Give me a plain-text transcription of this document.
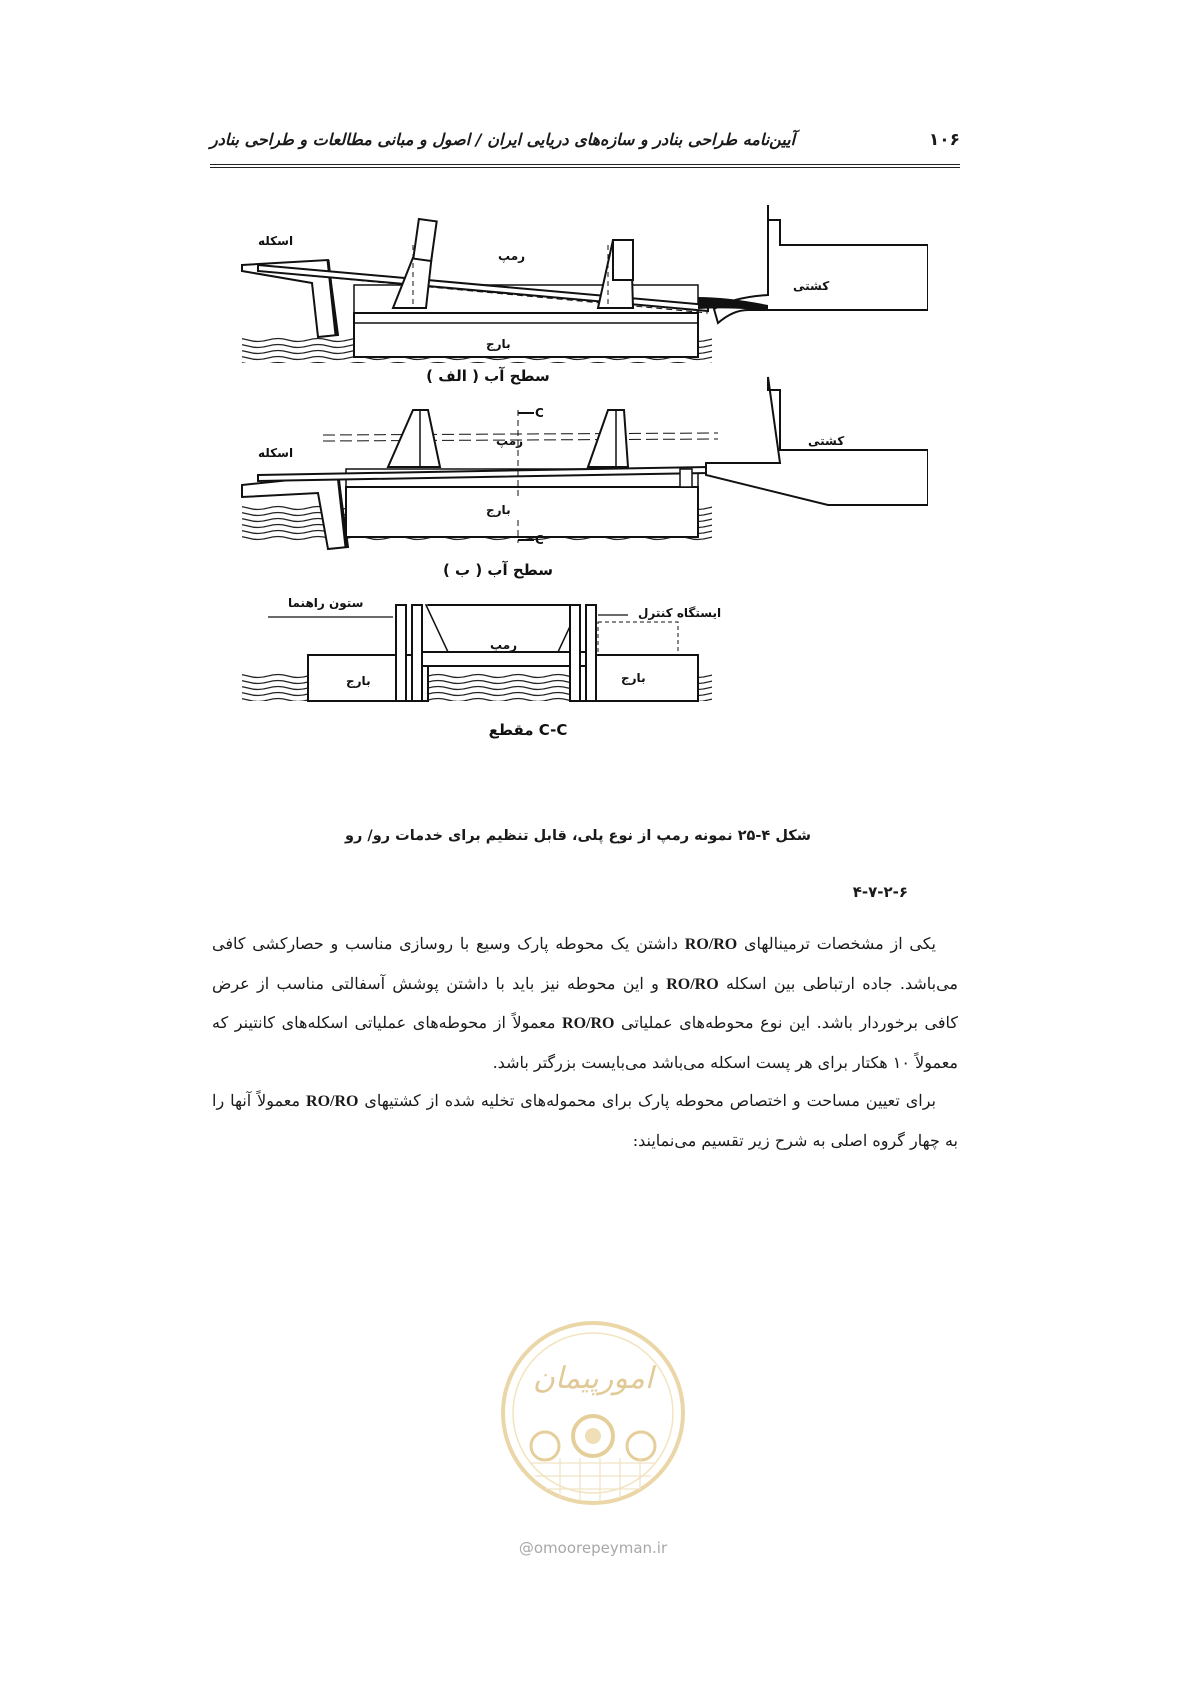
۱۰۶
آیین‌نامه طراحی بنادر و سازه‌های دریایی ایران / اصول و مبانی مطالعات و طراحی بنادر
اسکله
رمپ
کشتی
بارج
سطح آب ( الف )
C
C
اسکله
رمپ	کشتی
بارج
سطح آب ( ب )
ستون راهنما
ایستگاه کنترل
رمپ
بارج	بارج
مقطع C-C
شکل ۴-۲۵ نمونه رمپ از نوع پلی، قابل تنظیم برای خدمات رو/ رو
۴-۷-۲-۶

یکی از مشخصات ترمینالهای RO/RO داشتن یک محوطه پارک وسیع با روسازی مناسب و حصارکشی کافی می‌باشد. جاده ارتباطی بین اسکله RO/RO و این محوطه نیز باید با داشتن پوشش آسفالتی مناسب از عرض کافی برخوردار باشد. این نوع محوطه‌های عملیاتی RO/RO معمولاً از محوطه‌های عملیاتی اسکله‌های کانتینر که معمولاً ۱۰ هکتار برای هر پست اسکله می‌باشد می‌بایست بزرگتر باشد.

برای تعیین مساحت و اختصاص محوطه پارک برای محموله‌های تخلیه شده از کشتیهای RO/RO معمولاً آنها را به چهار گروه اصلی به شرح زیر تقسیم می‌نمایند:

امورپیمان
@omoorepeyman.ir
